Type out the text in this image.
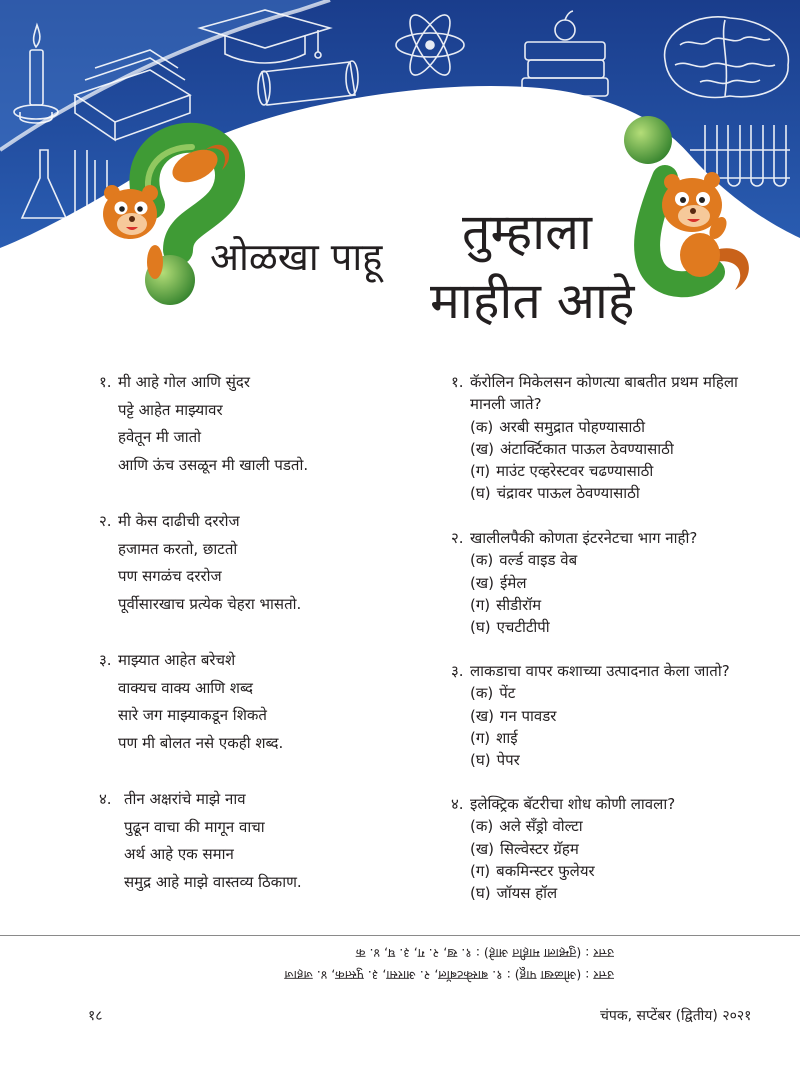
ओळखा पाहू तुम्हाला
माहीत आहे
१. मी आहे गोल आणि सुंदर
पट्टे आहेत माझ्यावर
हवेतून मी जातो
आणि ऊंच उसळून मी खाली पडतो.
२. मी केस दाढीची दररोज
हजामत करतो, छाटतो
पण सगळंच दररोज
पूर्वीसारखाच प्रत्येक चेहरा भासतो.
३. माझ्यात आहेत बरेचशे
वाक्यच वाक्य आणि शब्द
सारे जग माझ्याकडून शिकते
पण मी बोलत नसे एकही शब्द.
४. तीन अक्षरांचे माझे नाव
पुढून वाचा की मागून वाचा
अर्थ आहे एक समान
समुद्र आहे माझे वास्तव्य ठिकाण.
१. कॅरोलिन मिकेलसन कोणत्या बाबतीत प्रथम महिला
मानली जाते?
(क) अरबी समुद्रात पोहण्यासाठी
(ख) अंटार्क्टिकात पाऊल ठेवण्यासाठी
(ग) माउंट एव्हरेस्टवर चढण्यासाठी
(घ) चंद्रावर पाऊल ठेवण्यासाठी
२. खालीलपैकी कोणता इंटरनेटचा भाग नाही?
(क) वर्ल्ड वाइड वेब
(ख) ईमेल
(ग) सीडीरॉम
(घ) एचटीटीपी
३. लाकडाचा वापर कशाच्या उत्पादनात केला जातो?
(क) पेंट
(ख) गन पावडर
(ग) शाई
(घ) पेपर
४. इलेक्ट्रिक बॅटरीचा शोध कोणी लावला?
(क) अले सँड्रो वोल्टा
(ख) सिल्वेस्टर ग्रॅहम
(ग) बकमिन्स्टर फुलेयर
(घ) जॉयस हॉल
उत्तर : (ओळखा पाहू) : १. बास्केटबॉल, २. आरसा, ३. पुस्तक, ४. जहाज
उत्तर : (तुम्हाला माहीत आहे) : १. ख, २. ग, ३. घ, ४. क
१८	चंपक, सप्टेंबर (द्वितीय) २०२१
